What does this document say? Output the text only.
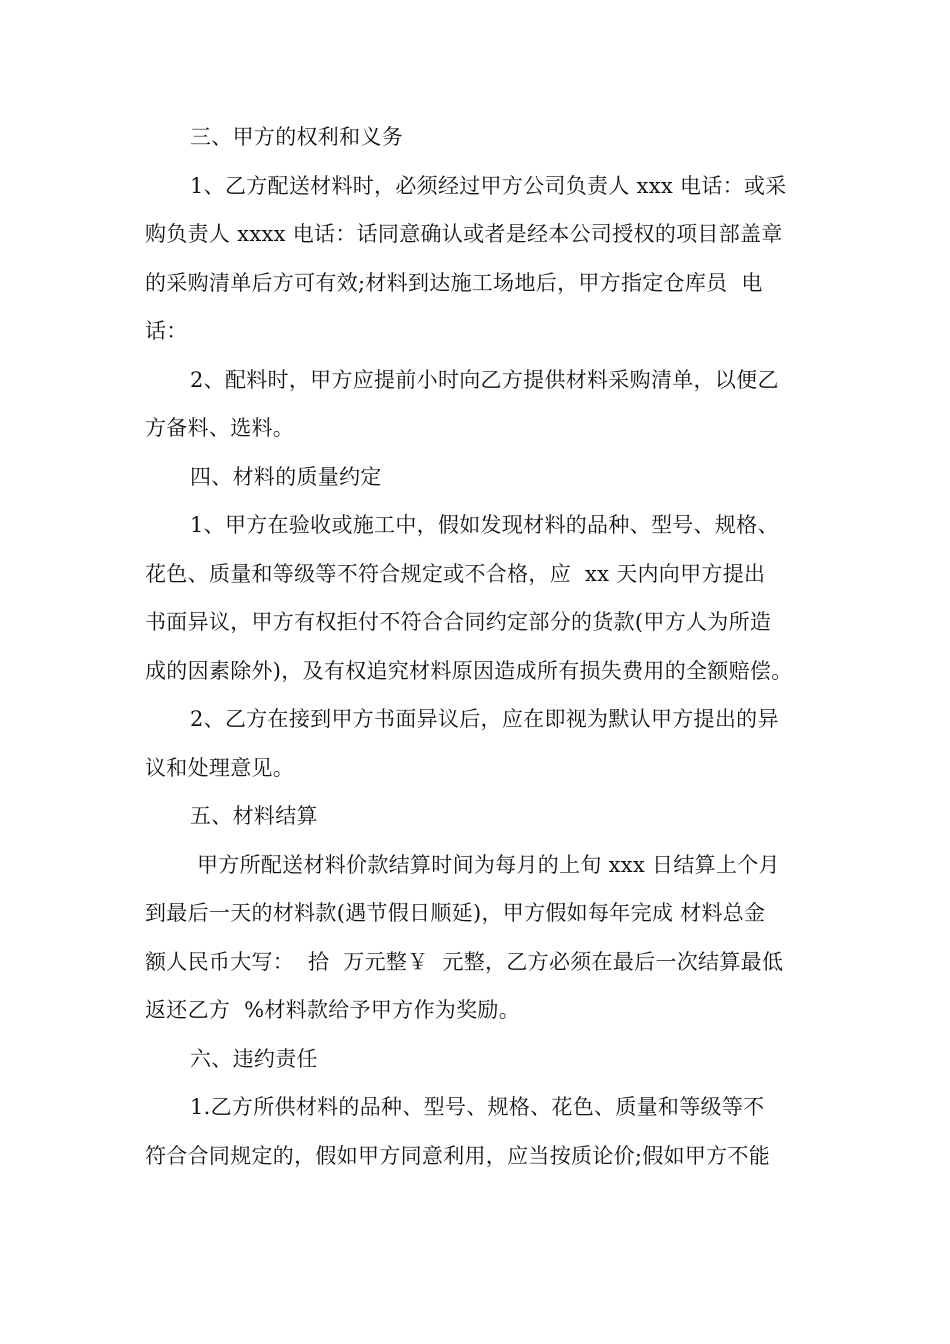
三、甲方的权利和义务
1、乙方配送材料时，必须经过甲方公司负责人 xxx 电话：或采
购负责人 xxxx 电话：话同意确认或者是经本公司授权的项目部盖章
的采购清单后方可有效;材料到达施工场地后，甲方指定仓库员  电
话：
2、配料时，甲方应提前小时向乙方提供材料采购清单，以便乙
方备料、选料。
四、材料的质量约定
1、甲方在验收或施工中，假如发现材料的品种、型号、规格、
花色、质量和等级等不符合规定或不合格，应  xx 天内向甲方提出
书面异议，甲方有权拒付不符合合同约定部分的货款(甲方人为所造
成的因素除外)，及有权追究材料原因造成所有损失费用的全额赔偿。
2、乙方在接到甲方书面异议后，应在即视为默认甲方提出的异
议和处理意见。
五、材料结算
甲方所配送材料价款结算时间为每月的上旬 xxx 日结算上个月
到最后一天的材料款(遇节假日顺延)，甲方假如每年完成 材料总金
额人民币大写：  拾  万元整￥  元整，乙方必须在最后一次结算最低
返还乙方  %材料款给予甲方作为奖励。
六、违约责任
1.乙方所供材料的品种、型号、规格、花色、质量和等级等不
符合合同规定的，假如甲方同意利用，应当按质论价;假如甲方不能
